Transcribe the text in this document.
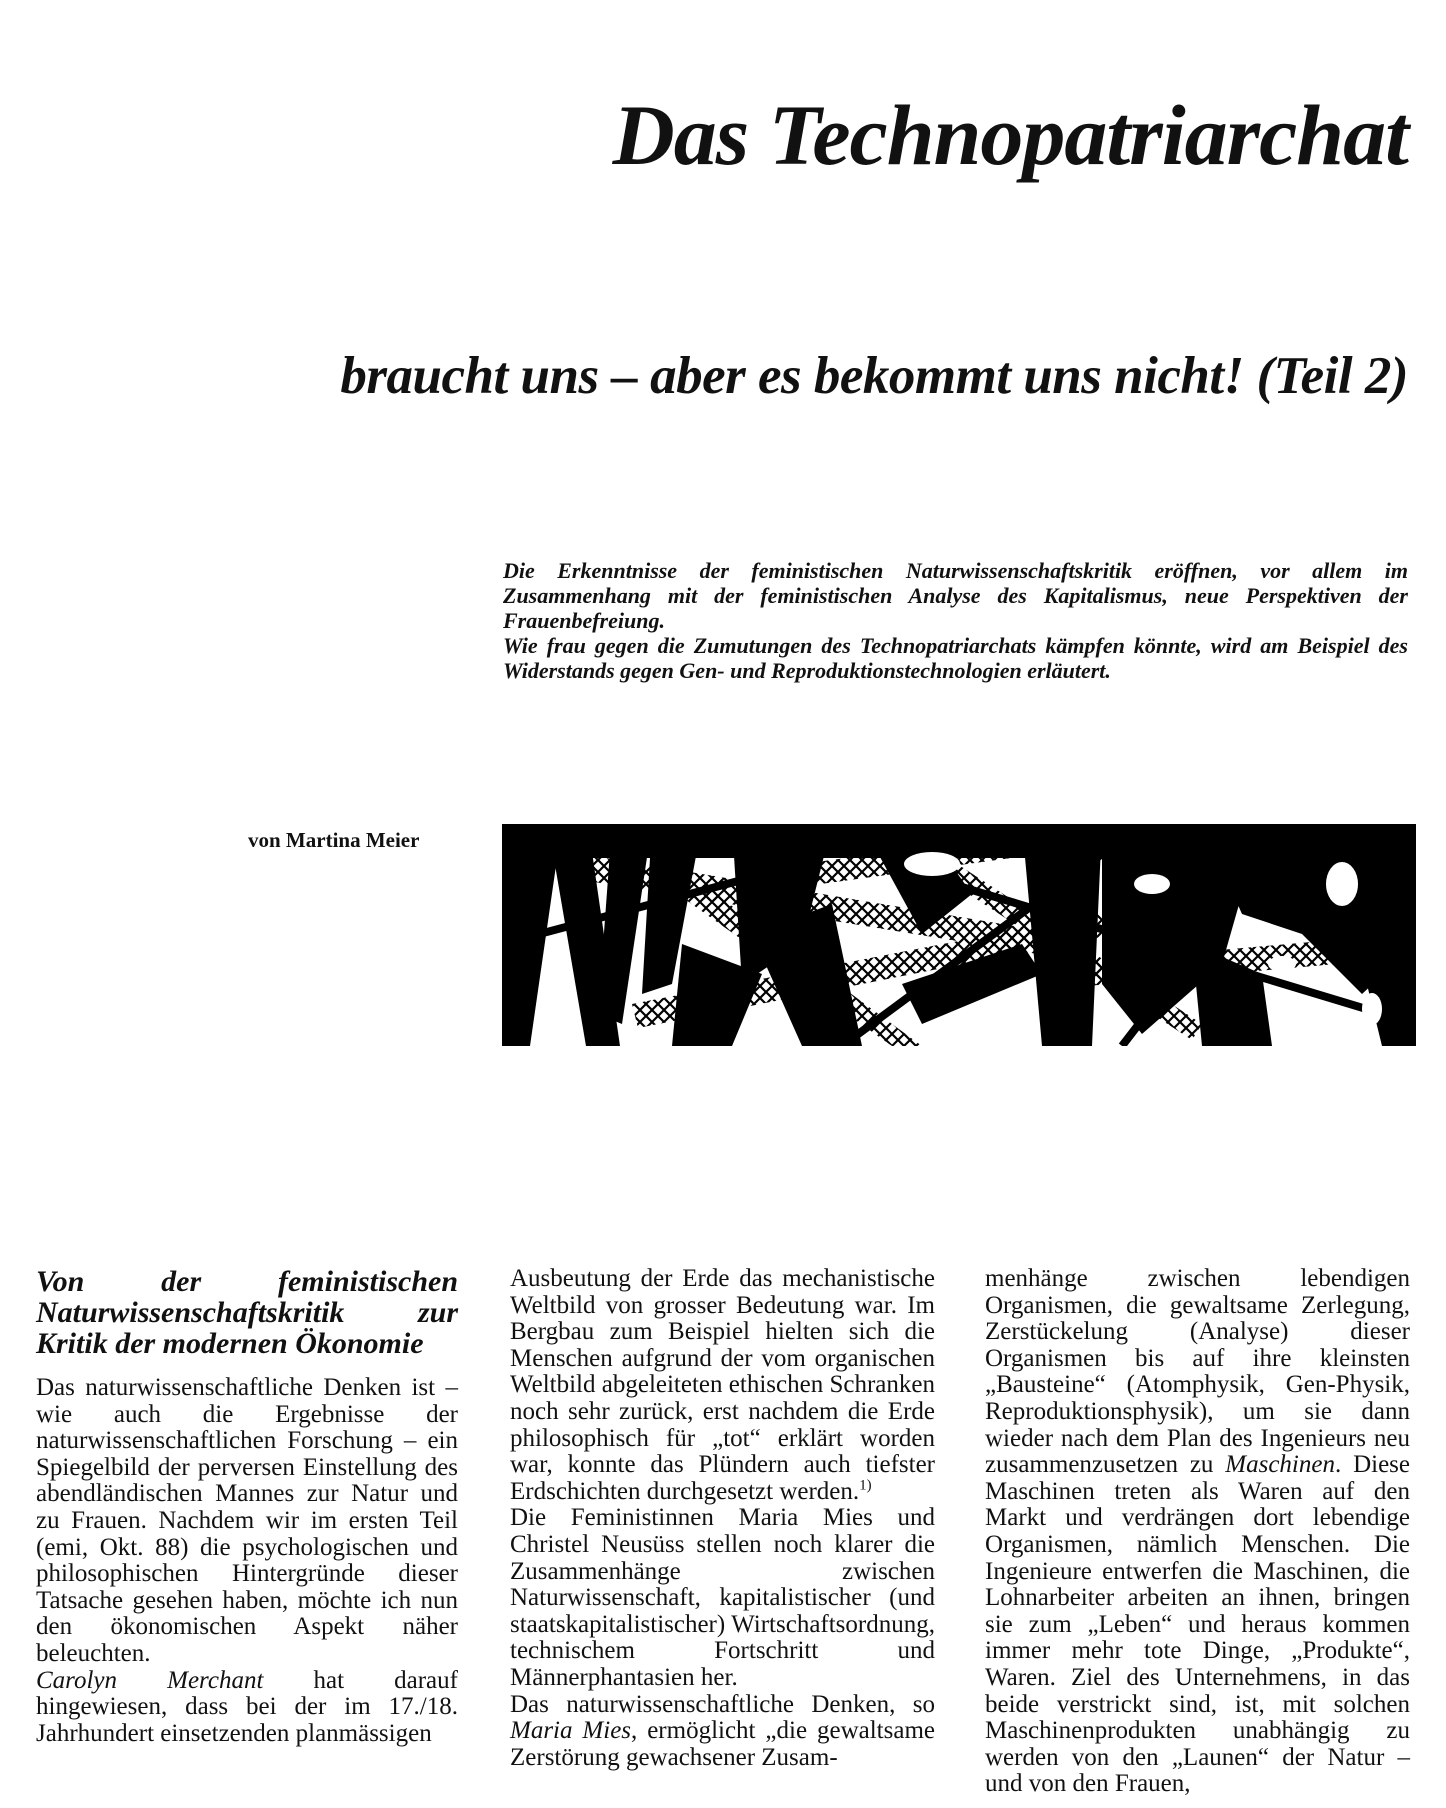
Das Technopatriarchat
braucht uns – aber es bekommt uns nicht! (Teil 2)

Die Erkenntnisse der feministischen Naturwissenschaftskritik eröffnen, vor allem im Zusammenhang mit der feministischen Analyse des Kapitalismus, neue Perspektiven der Frauenbefreiung.

Wie frau gegen die Zumutungen des Technopatriarchats kämpfen könnte, wird am Beispiel des Widerstands gegen Gen- und Reproduktionstechnologien erläutert.

von Martina Meier
Von der feministischen Naturwissenschaftskritik zur Kritik der modernen Ökonomie

Das naturwissenschaftliche Denken ist – wie auch die Ergebnisse der naturwissenschaftlichen Forschung – ein Spiegelbild der perversen Einstellung des abendländischen Mannes zur Natur und zu Frauen. Nachdem wir im ersten Teil (emi, Okt. 88) die psychologischen und philosophischen Hintergründe dieser Tatsache gesehen haben, möchte ich nun den ökonomischen Aspekt näher beleuchten.

Carolyn Merchant hat darauf hingewiesen, dass bei der im 17./18. Jahrhundert einsetzenden planmässigen

Ausbeutung der Erde das mechanistische Weltbild von grosser Bedeutung war. Im Bergbau zum Beispiel hielten sich die Menschen aufgrund der vom organischen Weltbild abgeleiteten ethischen Schranken noch sehr zurück, erst nachdem die Erde philosophisch für „tot“ erklärt worden war, konnte das Plündern auch tiefster Erdschichten durchgesetzt werden.$^{1)}$

Die Feministinnen Maria Mies und Christel Neusüss stellen noch klarer die Zusammenhänge zwischen Naturwissenschaft, kapitalistischer (und staatskapitalistischer) Wirtschaftsordnung, technischem Fortschritt und Männerphantasien her.

Das naturwissenschaftliche Denken, so Maria Mies, ermöglicht „die gewaltsame Zerstörung gewachsener Zusam-

menhänge zwischen lebendigen Organismen, die gewaltsame Zerlegung, Zerstückelung (Analyse) dieser Organismen bis auf ihre kleinsten „Bausteine“ (Atomphysik, Gen-Physik, Reproduktionsphysik), um sie dann wieder nach dem Plan des Ingenieurs neu zusammenzusetzen zu Maschinen. Diese Maschinen treten als Waren auf den Markt und verdrängen dort lebendige Organismen, nämlich Menschen. Die Ingenieure entwerfen die Maschinen, die Lohnarbeiter arbeiten an ihnen, bringen sie zum „Leben“ und heraus kommen immer mehr tote Dinge, „Produkte“, Waren. Ziel des Unternehmens, in das beide verstrickt sind, ist, mit solchen Maschinenprodukten unabhängig zu werden von den „Launen“ der Natur – und von den Frauen,
